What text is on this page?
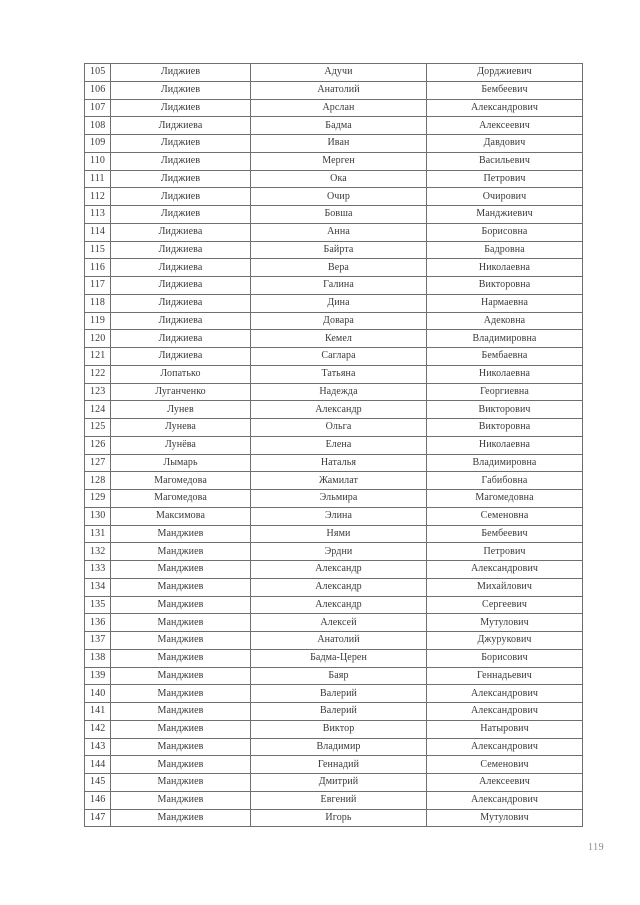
105	Лиджиев	Адучи	Дорджиевич
106	Лиджиев	Анатолий	Бембеевич
107	Лиджиев	Арслан	Александрович
108	Лиджиева	Бадма	Алексеевич
109	Лиджиев	Иван	Давдович
110	Лиджиев	Мерген	Васильевич
111	Лиджиев	Ока	Петрович
112	Лиджиев	Очир	Очирович
113	Лиджиев	Бовша	Манджиевич
114	Лиджиева	Анна	Борисовна
115	Лиджиева	Байрта	Бадровна
116	Лиджиева	Вера	Николаевна
117	Лиджиева	Галина	Викторовна
118	Лиджиева	Дина	Нармаевна
119	Лиджиева	Довара	Адековна
120	Лиджиева	Кемел	Владимировна
121	Лиджиева	Саглара	Бембаевна
122	Лопатько	Татьяна	Николаевна
123	Луганченко	Надежда	Георгиевна
124	Лунев	Александр	Викторович
125	Лунева	Ольга	Викторовна
126	Лунёва	Елена	Николаевна
127	Лымарь	Наталья	Владимировна
128	Магомедова	Жамилат	Габибовна
129	Магомедова	Эльмира	Магомедовна
130	Максимова	Элина	Семеновна
131	Манджиев	Нями	Бембеевич
132	Манджиев	Эрдни	Петрович
133	Манджиев	Александр	Александрович
134	Манджиев	Александр	Михайлович
135	Манджиев	Александр	Сергеевич
136	Манджиев	Алексей	Мутулович
137	Манджиев	Анатолий	Джурукович
138	Манджиев	Бадма-Церен	Борисович
139	Манджиев	Баяр	Геннадьевич
140	Манджиев	Валерий	Александрович
141	Манджиев	Валерий	Александрович
142	Манджиев	Виктор	Натырович
143	Манджиев	Владимир	Александрович
144	Манджиев	Геннадий	Семенович
145	Манджиев	Дмитрий	Алексеевич
146	Манджиев	Евгений	Александрович
147	Манджиев	Игорь	Мутулович
119
